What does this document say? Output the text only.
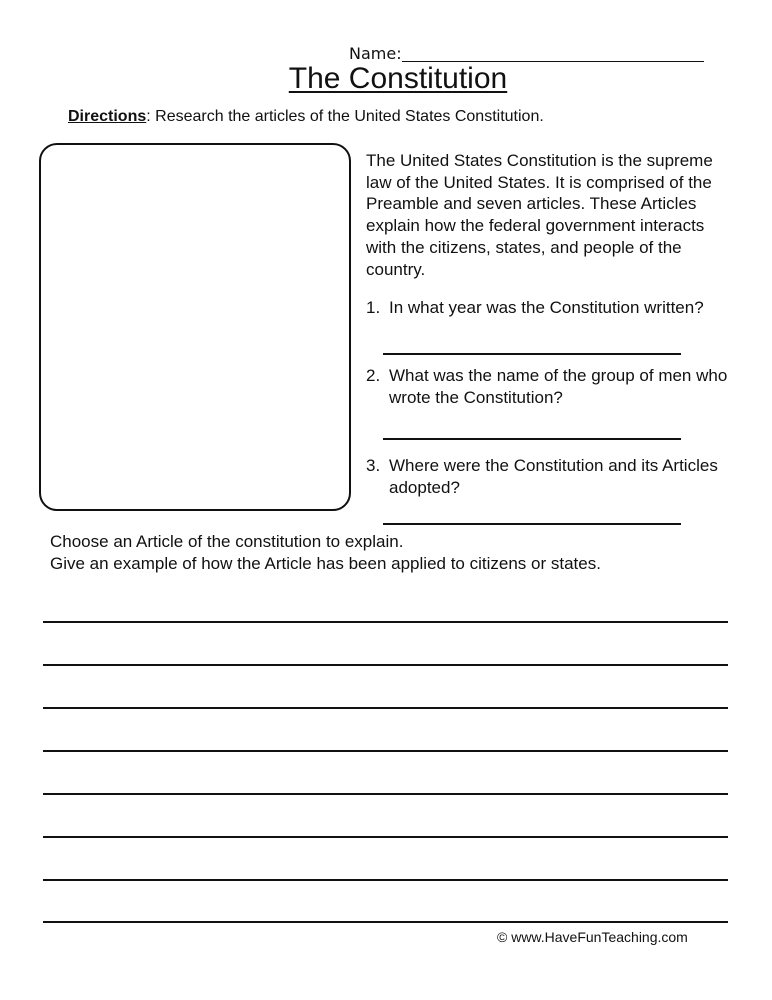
Name:
The Constitution
Directions: Research the articles of the United States Constitution.
The United States Constitution is the supreme law of the United States. It is comprised of the Preamble and seven articles. These Articles explain how the federal government interacts with the citizens, states, and people of the country.
1. In what year was the Constitution written?
2. What was the name of the group of men who wrote the Constitution?
3. Where were the Constitution and its Articles adopted?
Choose an Article of the constitution to explain.
Give an example of how the Article has been applied to citizens or states.
© www.HaveFunTeaching.com
